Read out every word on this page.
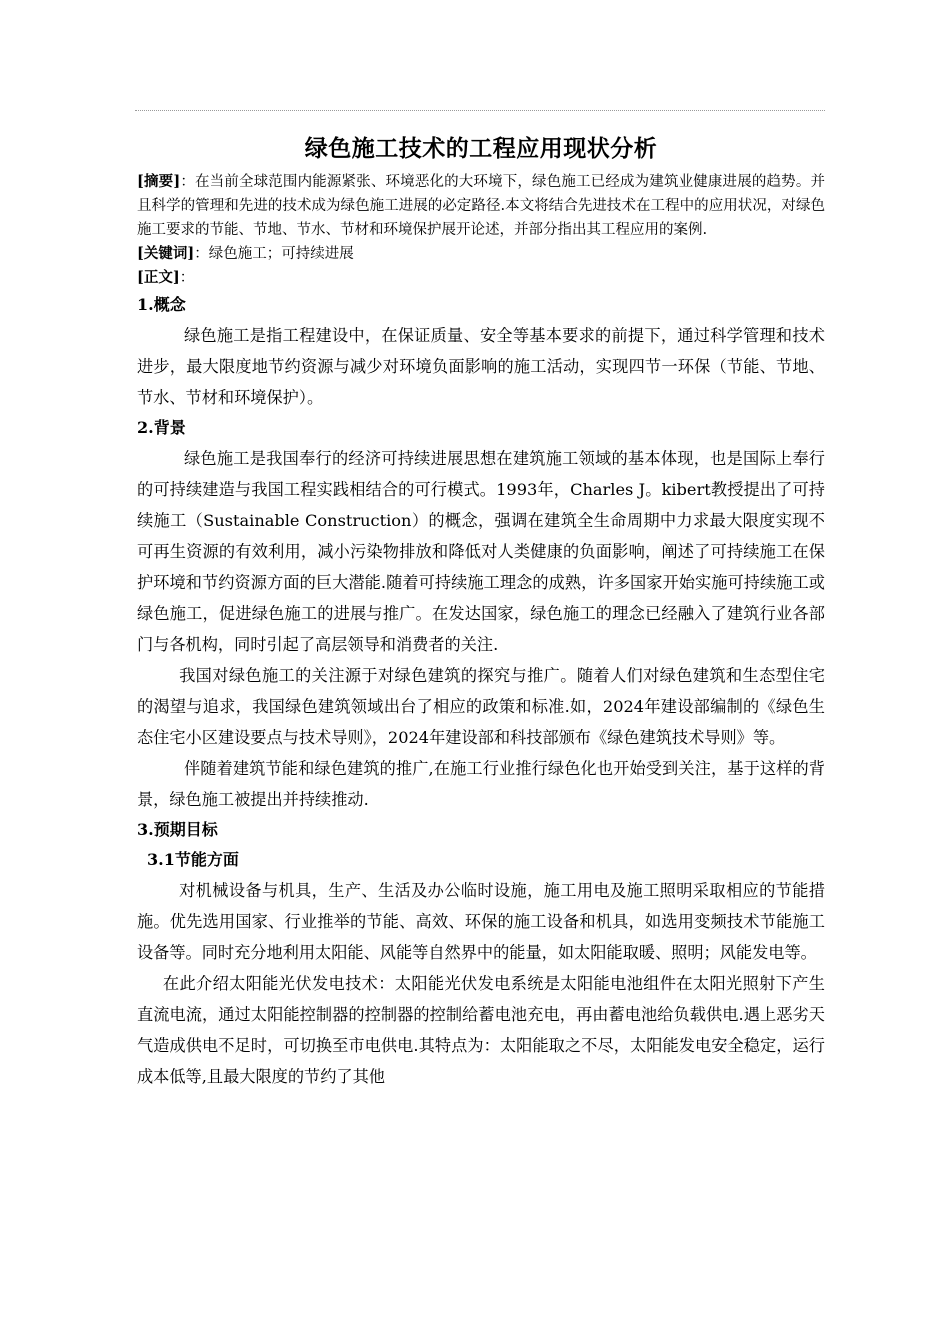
绿色施工技术的工程应用现状分析

[摘要]：在当前全球范围内能源紧张、环境恶化的大环境下，绿色施工已经成为建筑业健康进展的趋势。并且科学的管理和先进的技术成为绿色施工进展的必定路径.本文将结合先进技术在工程中的应用状况，对绿色施工要求的节能、节地、节水、节材和环境保护展开论述，并部分指出其工程应用的案例.

[关键词]：绿色施工；可持续进展

[正文]：

1.概念

绿色施工是指工程建设中，在保证质量、安全等基本要求的前提下，通过科学管理和技术进步，最大限度地节约资源与减少对环境负面影响的施工活动，实现四节一环保（节能、节地、节水、节材和环境保护）。

2.背景

绿色施工是我国奉行的经济可持续进展思想在建筑施工领域的基本体现，也是国际上奉行的可持续建造与我国工程实践相结合的可行模式。1993年，Charles J。kibert教授提出了可持续施工（Sustainable Construction）的概念，强调在建筑全生命周期中力求最大限度实现不可再生资源的有效利用，减小污染物排放和降低对人类健康的负面影响，阐述了可持续施工在保护环境和节约资源方面的巨大潜能.随着可持续施工理念的成熟，许多国家开始实施可持续施工或绿色施工，促进绿色施工的进展与推广。在发达国家，绿色施工的理念已经融入了建筑行业各部门与各机构，同时引起了高层领导和消费者的关注.

我国对绿色施工的关注源于对绿色建筑的探究与推广。随着人们对绿色建筑和生态型住宅的渴望与追求，我国绿色建筑领域出台了相应的政策和标准.如，2024年建设部编制的《绿色生态住宅小区建设要点与技术导则》，2024年建设部和科技部颁布《绿色建筑技术导则》等。

伴随着建筑节能和绿色建筑的推广,在施工行业推行绿色化也开始受到关注，基于这样的背景，绿色施工被提出并持续推动.

3.预期目标

3.1节能方面

对机械设备与机具，生产、生活及办公临时设施，施工用电及施工照明采取相应的节能措施。优先选用国家、行业推举的节能、高效、环保的施工设备和机具，如选用变频技术节能施工设备等。同时充分地利用太阳能、风能等自然界中的能量，如太阳能取暖、照明；风能发电等。

在此介绍太阳能光伏发电技术：太阳能光伏发电系统是太阳能电池组件在太阳光照射下产生直流电流，通过太阳能控制器的控制器的控制给蓄电池充电，再由蓄电池给负载供电.遇上恶劣天气造成供电不足时，可切换至市电供电.其特点为：太阳能取之不尽，太阳能发电安全稳定，运行成本低等,且最大限度的节约了其他
